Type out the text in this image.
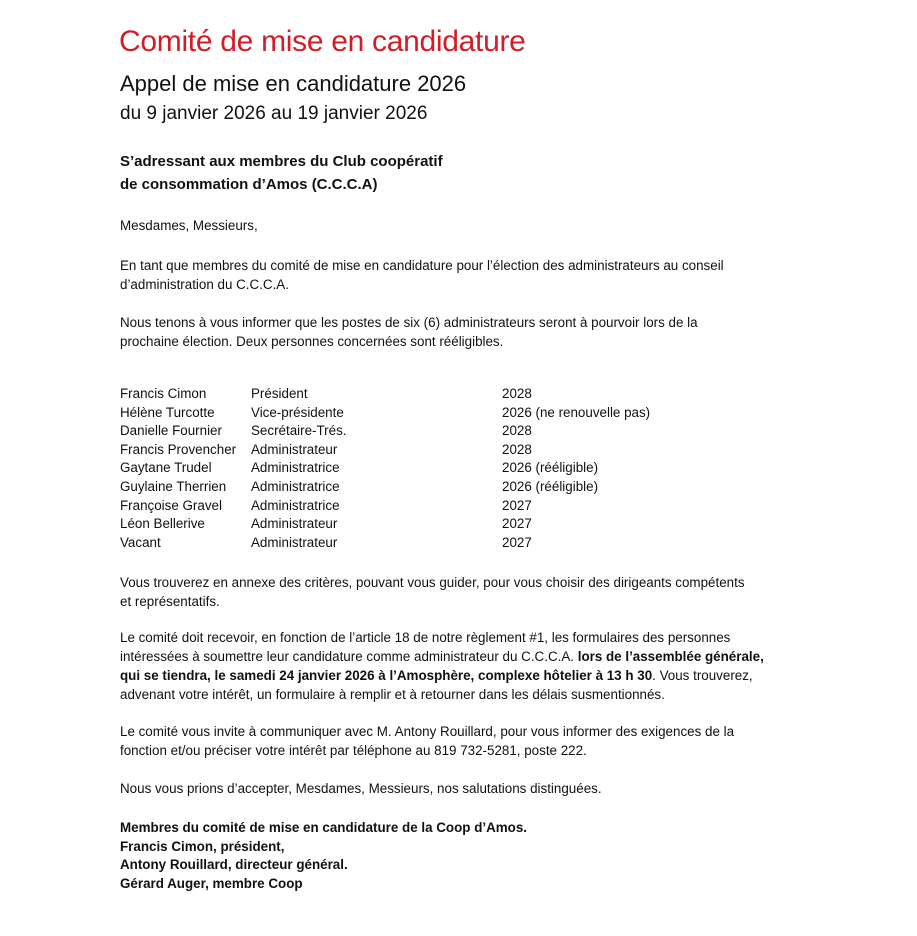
Comité de mise en candidature
Appel de mise en candidature 2026
du 9 janvier 2026 au 19 janvier 2026
S’adressant aux membres du Club coopératif
de consommation d’Amos (C.C.C.A)
Mesdames, Messieurs,
En tant que membres du comité de mise en candidature pour l’élection des administrateurs au conseil
d’administration du C.C.C.A.
Nous tenons à vous informer que les postes de six (6) administrateurs seront à pourvoir lors de la
prochaine élection. Deux personnes concernées sont rééligibles.
Francis Cimon	Président	2028
Hélène Turcotte	Vice-présidente	2026 (ne renouvelle pas)
Danielle Fournier Secrétaire-Trés.	2028
Francis Provencher Administrateur	2028
Gaytane Trudel	Administratrice	2026 (rééligible)
Guylaine Therrien Administratrice	2026 (rééligible)
Françoise Gravel Administratrice	2027
Léon Bellerive	Administrateur	2027
Vacant	Administrateur	2027
Vous trouverez en annexe des critères, pouvant vous guider, pour vous choisir des dirigeants compétents
et représentatifs.
Le comité doit recevoir, en fonction de l’article 18 de notre règlement #1, les formulaires des personnes
intéressées à soumettre leur candidature comme administrateur du C.C.C.A. lors de l’assemblée générale,
qui se tiendra, le samedi 24 janvier 2026 à l’Amosphère, complexe hôtelier à 13 h 30. Vous trouverez,
advenant votre intérêt, un formulaire à remplir et à retourner dans les délais susmentionnés.
Le comité vous invite à communiquer avec M. Antony Rouillard, pour vous informer des exigences de la
fonction et/ou préciser votre intérêt par téléphone au 819 732-5281, poste 222.
Nous vous prions d’accepter, Mesdames, Messieurs, nos salutations distinguées.
Membres du comité de mise en candidature de la Coop d’Amos.
Francis Cimon, président,
Antony Rouillard, directeur général.
Gérard Auger, membre Coop
